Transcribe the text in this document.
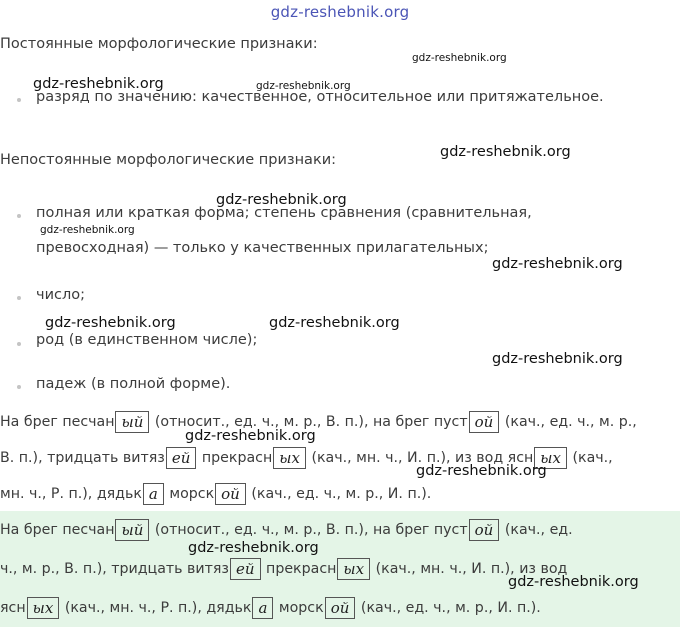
gdz-reshebnik.org
Постоянные морфологические признаки:
gdz-reshebnik.org
gdz-reshebnik.org	gdz-reshebnik.org
разряд по значению: качественное, относительное или притяжательное.
Непостоянные морфологические признаки:	gdz-reshebnik.org
gdz-reshebnik.org
полная или краткая форма; степень сравнения (сравнительная,
gdz-reshebnik.org
превосходная) — только у качественных прилагательных;
gdz-reshebnik.org
число;
gdz-reshebnik.org	gdz-reshebnik.org
род (в единственном числе);
gdz-reshebnik.org
падеж (в полной форме).
На брег песчан ый (относит., ед. ч., м. р., В. п.), на брег пуст ой (кач., ед. ч., м. р.,
gdz-reshebnik.org
В. п.), тридцать витяз ей прекрасн ых (кач., мн. ч., И. п.), из вод ясн ых (кач.,
gdz-reshebnik.org
мн. ч., Р. п.), дядьк а морск ой (кач., ед. ч., м. р., И. п.).
На брег песчан ый (относит., ед. ч., м. р., В. п.), на брег пуст ой (кач., ед.
gdz-reshebnik.org
ч., м. р., В. п.), тридцать витяз ей прекрасн ых (кач., мн. ч., И. п.), из вод
gdz-reshebnik.org
ясн ых (кач., мн. ч., Р. п.), дядьк а морск ой (кач., ед. ч., м. р., И. п.).
